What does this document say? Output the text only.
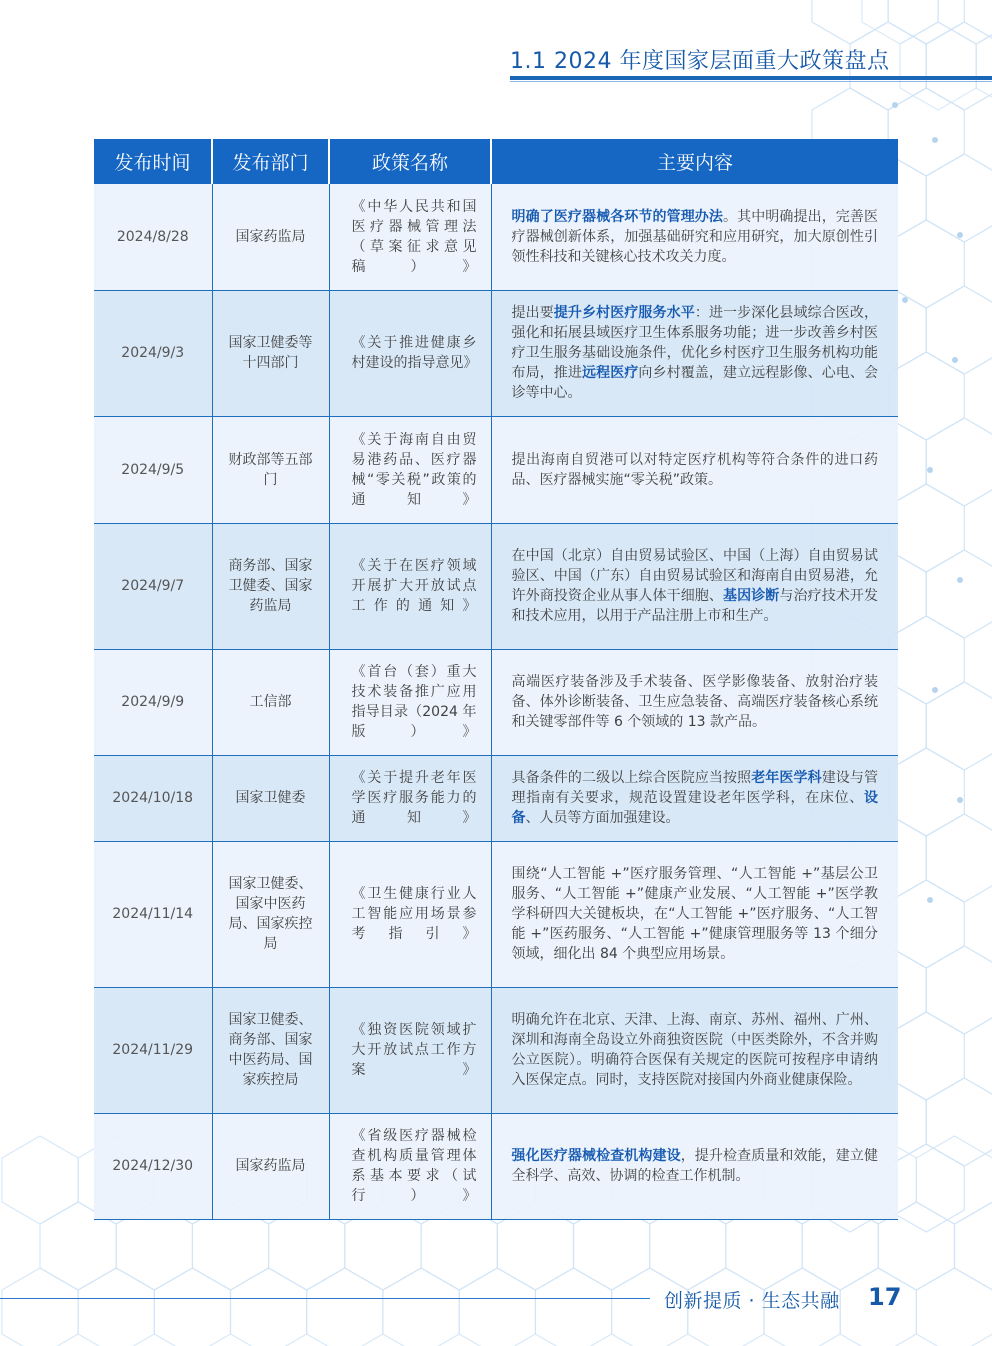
1.1 2024 年度国家层面重大政策盘点
发布时间	发布部门	政策名称	主要内容
2024/8/28	国家药监局	《中华人民共和国医疗器械管理法（草案征求意见稿）》	明确了医疗器械各环节的管理办法。其中明确提出，完善医疗器械创新体系，加强基础研究和应用研究，加大原创性引领性科技和关键核心技术攻关力度。
2024/9/3	国家卫健委等十四部门	《关于推进健康乡村建设的指导意见》	提出要提升乡村医疗服务水平：进一步深化县域综合医改，强化和拓展县域医疗卫生体系服务功能；进一步改善乡村医疗卫生服务基础设施条件，优化乡村医疗卫生服务机构功能布局，推进远程医疗向乡村覆盖，建立远程影像、心电、会诊等中心。
2024/9/5	财政部等五部门	《关于海南自由贸易港药品、医疗器械“零关税”政策的通知》	提出海南自贸港可以对特定医疗机构等符合条件的进口药品、医疗器械实施“零关税”政策。
2024/9/7	商务部、国家卫健委、国家药监局	《关于在医疗领域开展扩大开放试点工作的通知》	在中国（北京）自由贸易试验区、中国（上海）自由贸易试验区、中国（广东）自由贸易试验区和海南自由贸易港，允许外商投资企业从事人体干细胞、基因诊断与治疗技术开发和技术应用，以用于产品注册上市和生产。
2024/9/9	工信部	《首台（套）重大技术装备推广应用指导目录（2024 年版）》	高端医疗装备涉及手术装备、医学影像装备、放射治疗装备、体外诊断装备、卫生应急装备、高端医疗装备核心系统和关键零部件等 6 个领域的 13 款产品。
2024/10/18	国家卫健委	《关于提升老年医学医疗服务能力的通知》	具备条件的二级以上综合医院应当按照老年医学科建设与管理指南有关要求，规范设置建设老年医学科，在床位、设备、人员等方面加强建设。
2024/11/14	国家卫健委、国家中医药局、国家疾控局	《卫生健康行业人工智能应用场景参考指引》	围绕“人工智能 +”医疗服务管理、“人工智能 +”基层公卫服务、“人工智能 +”健康产业发展、“人工智能 +”医学教学科研四大关键板块，在“人工智能 +”医疗服务、“人工智能 +”医药服务、“人工智能 +”健康管理服务等 13 个细分领域，细化出 84 个典型应用场景。
2024/11/29	国家卫健委、商务部、国家中医药局、国家疾控局	《独资医院领域扩大开放试点工作方案》	明确允许在北京、天津、上海、南京、苏州、福州、广州、深圳和海南全岛设立外商独资医院（中医类除外，不含并购公立医院）。明确符合医保有关规定的医院可按程序申请纳入医保定点。同时，支持医院对接国内外商业健康保险。
2024/12/30	国家药监局	《省级医疗器械检查机构质量管理体系基本要求（试行）》	强化医疗器械检查机构建设，提升检查质量和效能，建立健全科学、高效、协调的检查工作机制。
创新提质 · 生态共融 17
